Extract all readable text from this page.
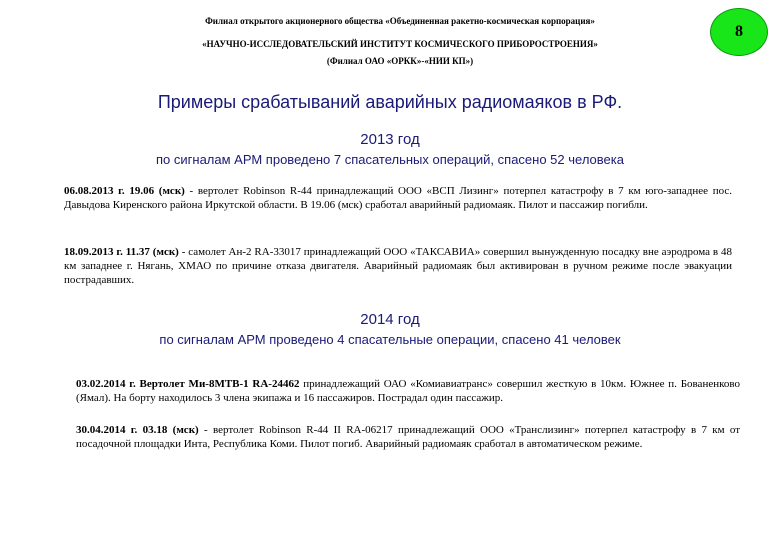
Филиал открытого акционерного общества «Объединенная ракетно-космическая корпорация»
«НАУЧНО-ИССЛЕДОВАТЕЛЬСКИЙ ИНСТИТУТ КОСМИЧЕСКОГО ПРИБОРОСТРОЕНИЯ»
(Филиал ОАО «ОРКК»-«НИИ КП»)
8
Примеры срабатываний аварийных радиомаяков в РФ.
2013 год
по сигналам АРМ проведено 7 спасательных операций, спасено 52 человека
06.08.2013 г. 19.06 (мск) - вертолет Robinson R-44 принадлежащий ООО «ВСП Лизинг» потерпел катастрофу в 7 км юго-западнее пос. Давыдова Киренского района Иркутской области. В 19.06 (мск) сработал аварийный радиомаяк. Пилот и пассажир погибли.
18.09.2013 г. 11.37 (мск) - самолет Ан-2 RA-33017 принадлежащий ООО «ТАКСАВИА» совершил вынужденную посадку вне аэродрома в 48 км западнее г. Нягань, ХМАО по причине отказа двигателя. Аварийный радиомаяк был активирован в ручном режиме после эвакуации пострадавших.
2014 год
по сигналам АРМ проведено 4 спасательные операции, спасено 41 человек
03.02.2014 г. Вертолет Ми-8МТВ-1 RA-24462 принадлежащий ОАО «Комиавиатранс» совершил жесткую в 10км. Южнее п. Бованенково (Ямал). На борту находилось 3 члена экипажа и 16 пассажиров. Пострадал один пассажир.
30.04.2014 г. 03.18 (мск) - вертолет Robinson R-44 II RA-06217 принадлежащий ООО «Транслизинг» потерпел катастрофу в 7 км от посадочной площадки Инта, Республика Коми. Пилот погиб. Аварийный радиомаяк сработал в автоматическом режиме.
